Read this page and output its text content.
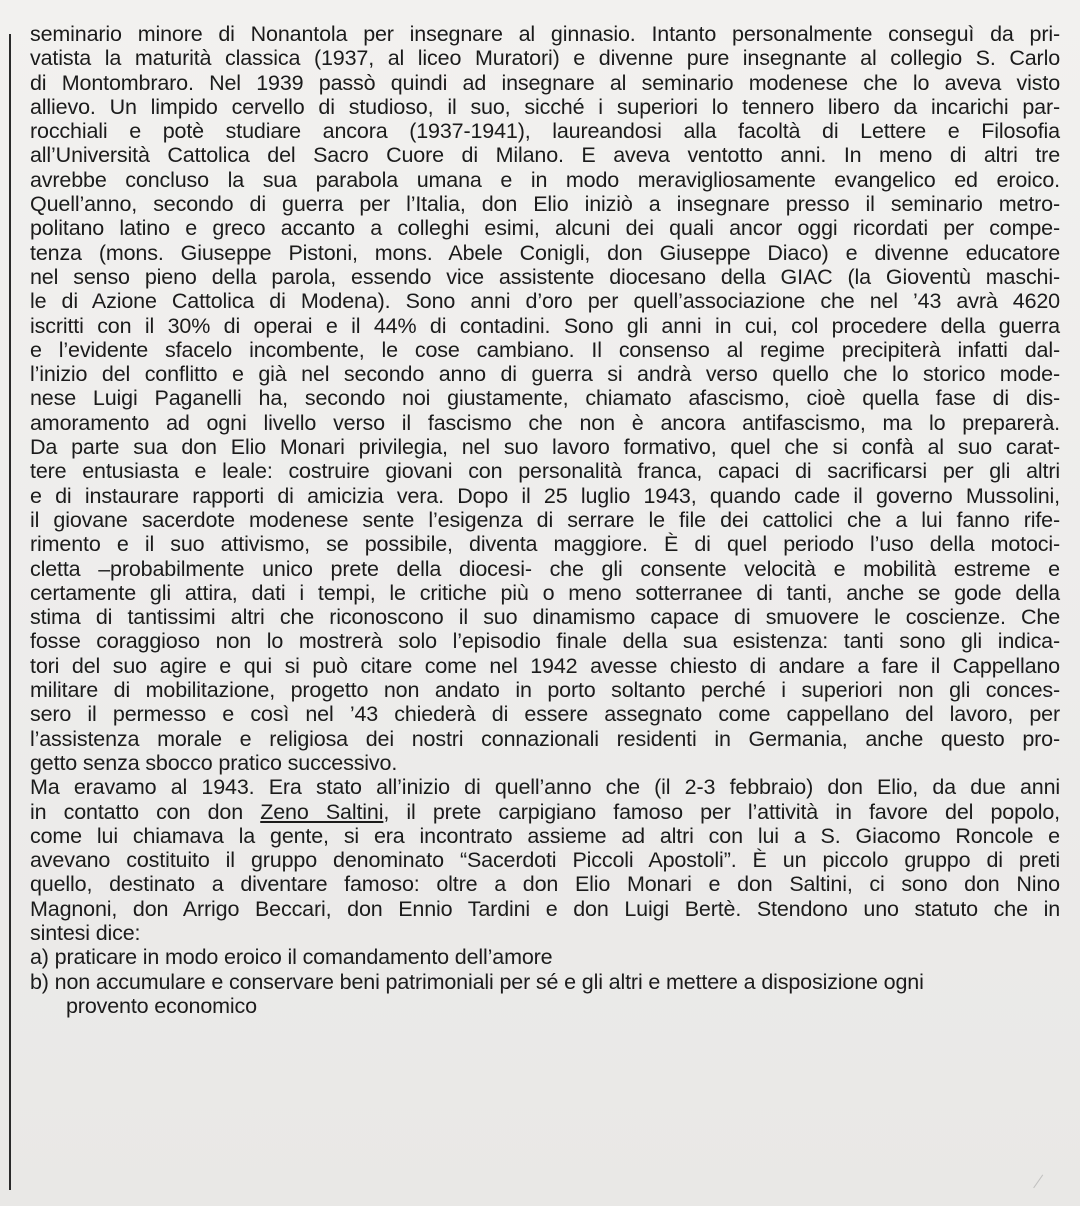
seminario minore di Nonantola per insegnare al ginnasio. Intanto personalmente conseguì da pri-
vatista la maturità classica (1937, al liceo Muratori) e divenne pure insegnante al collegio S. Carlo
di Montombraro. Nel 1939 passò quindi ad insegnare al seminario modenese che lo aveva visto
allievo. Un limpido cervello di studioso, il suo, sicché i superiori lo tennero libero da incarichi par-
rocchiali e potè studiare ancora (1937-1941), laureandosi alla facoltà di Lettere e Filosofia
all’Università Cattolica del Sacro Cuore di Milano. E aveva ventotto anni. In meno di altri tre
avrebbe concluso la sua parabola umana e in modo meravigliosamente evangelico ed eroico.
Quell’anno, secondo di guerra per l’Italia, don Elio iniziò a insegnare presso il seminario metro-
politano latino e greco accanto a colleghi esimi, alcuni dei quali ancor oggi ricordati per compe-
tenza (mons. Giuseppe Pistoni, mons. Abele Conigli, don Giuseppe Diaco) e divenne educatore
nel senso pieno della parola, essendo vice assistente diocesano della GIAC (la Gioventù maschi-
le di Azione Cattolica di Modena). Sono anni d’oro per quell’associazione che nel ’43 avrà 4620
iscritti con il 30% di operai e il 44% di contadini. Sono gli anni in cui, col procedere della guerra
e l’evidente sfacelo incombente, le cose cambiano. Il consenso al regime precipiterà infatti dal-
l’inizio del conflitto e già nel secondo anno di guerra si andrà verso quello che lo storico mode-
nese Luigi Paganelli ha, secondo noi giustamente, chiamato afascismo, cioè quella fase di dis-
amoramento ad ogni livello verso il fascismo che non è ancora antifascismo, ma lo preparerà.
Da parte sua don Elio Monari privilegia, nel suo lavoro formativo, quel che si confà al suo carat-
tere entusiasta e leale: costruire giovani con personalità franca, capaci di sacrificarsi per gli altri
e di instaurare rapporti di amicizia vera. Dopo il 25 luglio 1943, quando cade il governo Mussolini,
il giovane sacerdote modenese sente l’esigenza di serrare le file dei cattolici che a lui fanno rife-
rimento e il suo attivismo, se possibile, diventa maggiore. È di quel periodo l’uso della motoci-
cletta –probabilmente unico prete della diocesi- che gli consente velocità e mobilità estreme e
certamente gli attira, dati i tempi, le critiche più o meno sotterranee di tanti, anche se gode della
stima di tantissimi altri che riconoscono il suo dinamismo capace di smuovere le coscienze. Che
fosse coraggioso non lo mostrerà solo l’episodio finale della sua esistenza: tanti sono gli indica-
tori del suo agire e qui si può citare come nel 1942 avesse chiesto di andare a fare il Cappellano
militare di mobilitazione, progetto non andato in porto soltanto perché i superiori non gli conces-
sero il permesso e così nel ’43 chiederà di essere assegnato come cappellano del lavoro, per
l’assistenza morale e religiosa dei nostri connazionali residenti in Germania, anche questo pro-
getto senza sbocco pratico successivo.
Ma eravamo al 1943. Era stato all’inizio di quell’anno che (il 2-3 febbraio) don Elio, da due anni
in contatto con don Zeno Saltini, il prete carpigiano famoso per l’attività in favore del popolo,
come lui chiamava la gente, si era incontrato assieme ad altri con lui a S. Giacomo Roncole e
avevano costituito il gruppo denominato “Sacerdoti Piccoli Apostoli”. È un piccolo gruppo di preti
quello, destinato a diventare famoso: oltre a don Elio Monari e don Saltini, ci sono don Nino
Magnoni, don Arrigo Beccari, don Ennio Tardini e don Luigi Bertè. Stendono uno statuto che in
sintesi dice:
a) praticare in modo eroico il comandamento dell’amore
b) non accumulare e conservare beni patrimoniali per sé e gli altri e mettere a disposizione ogni
provento economico
